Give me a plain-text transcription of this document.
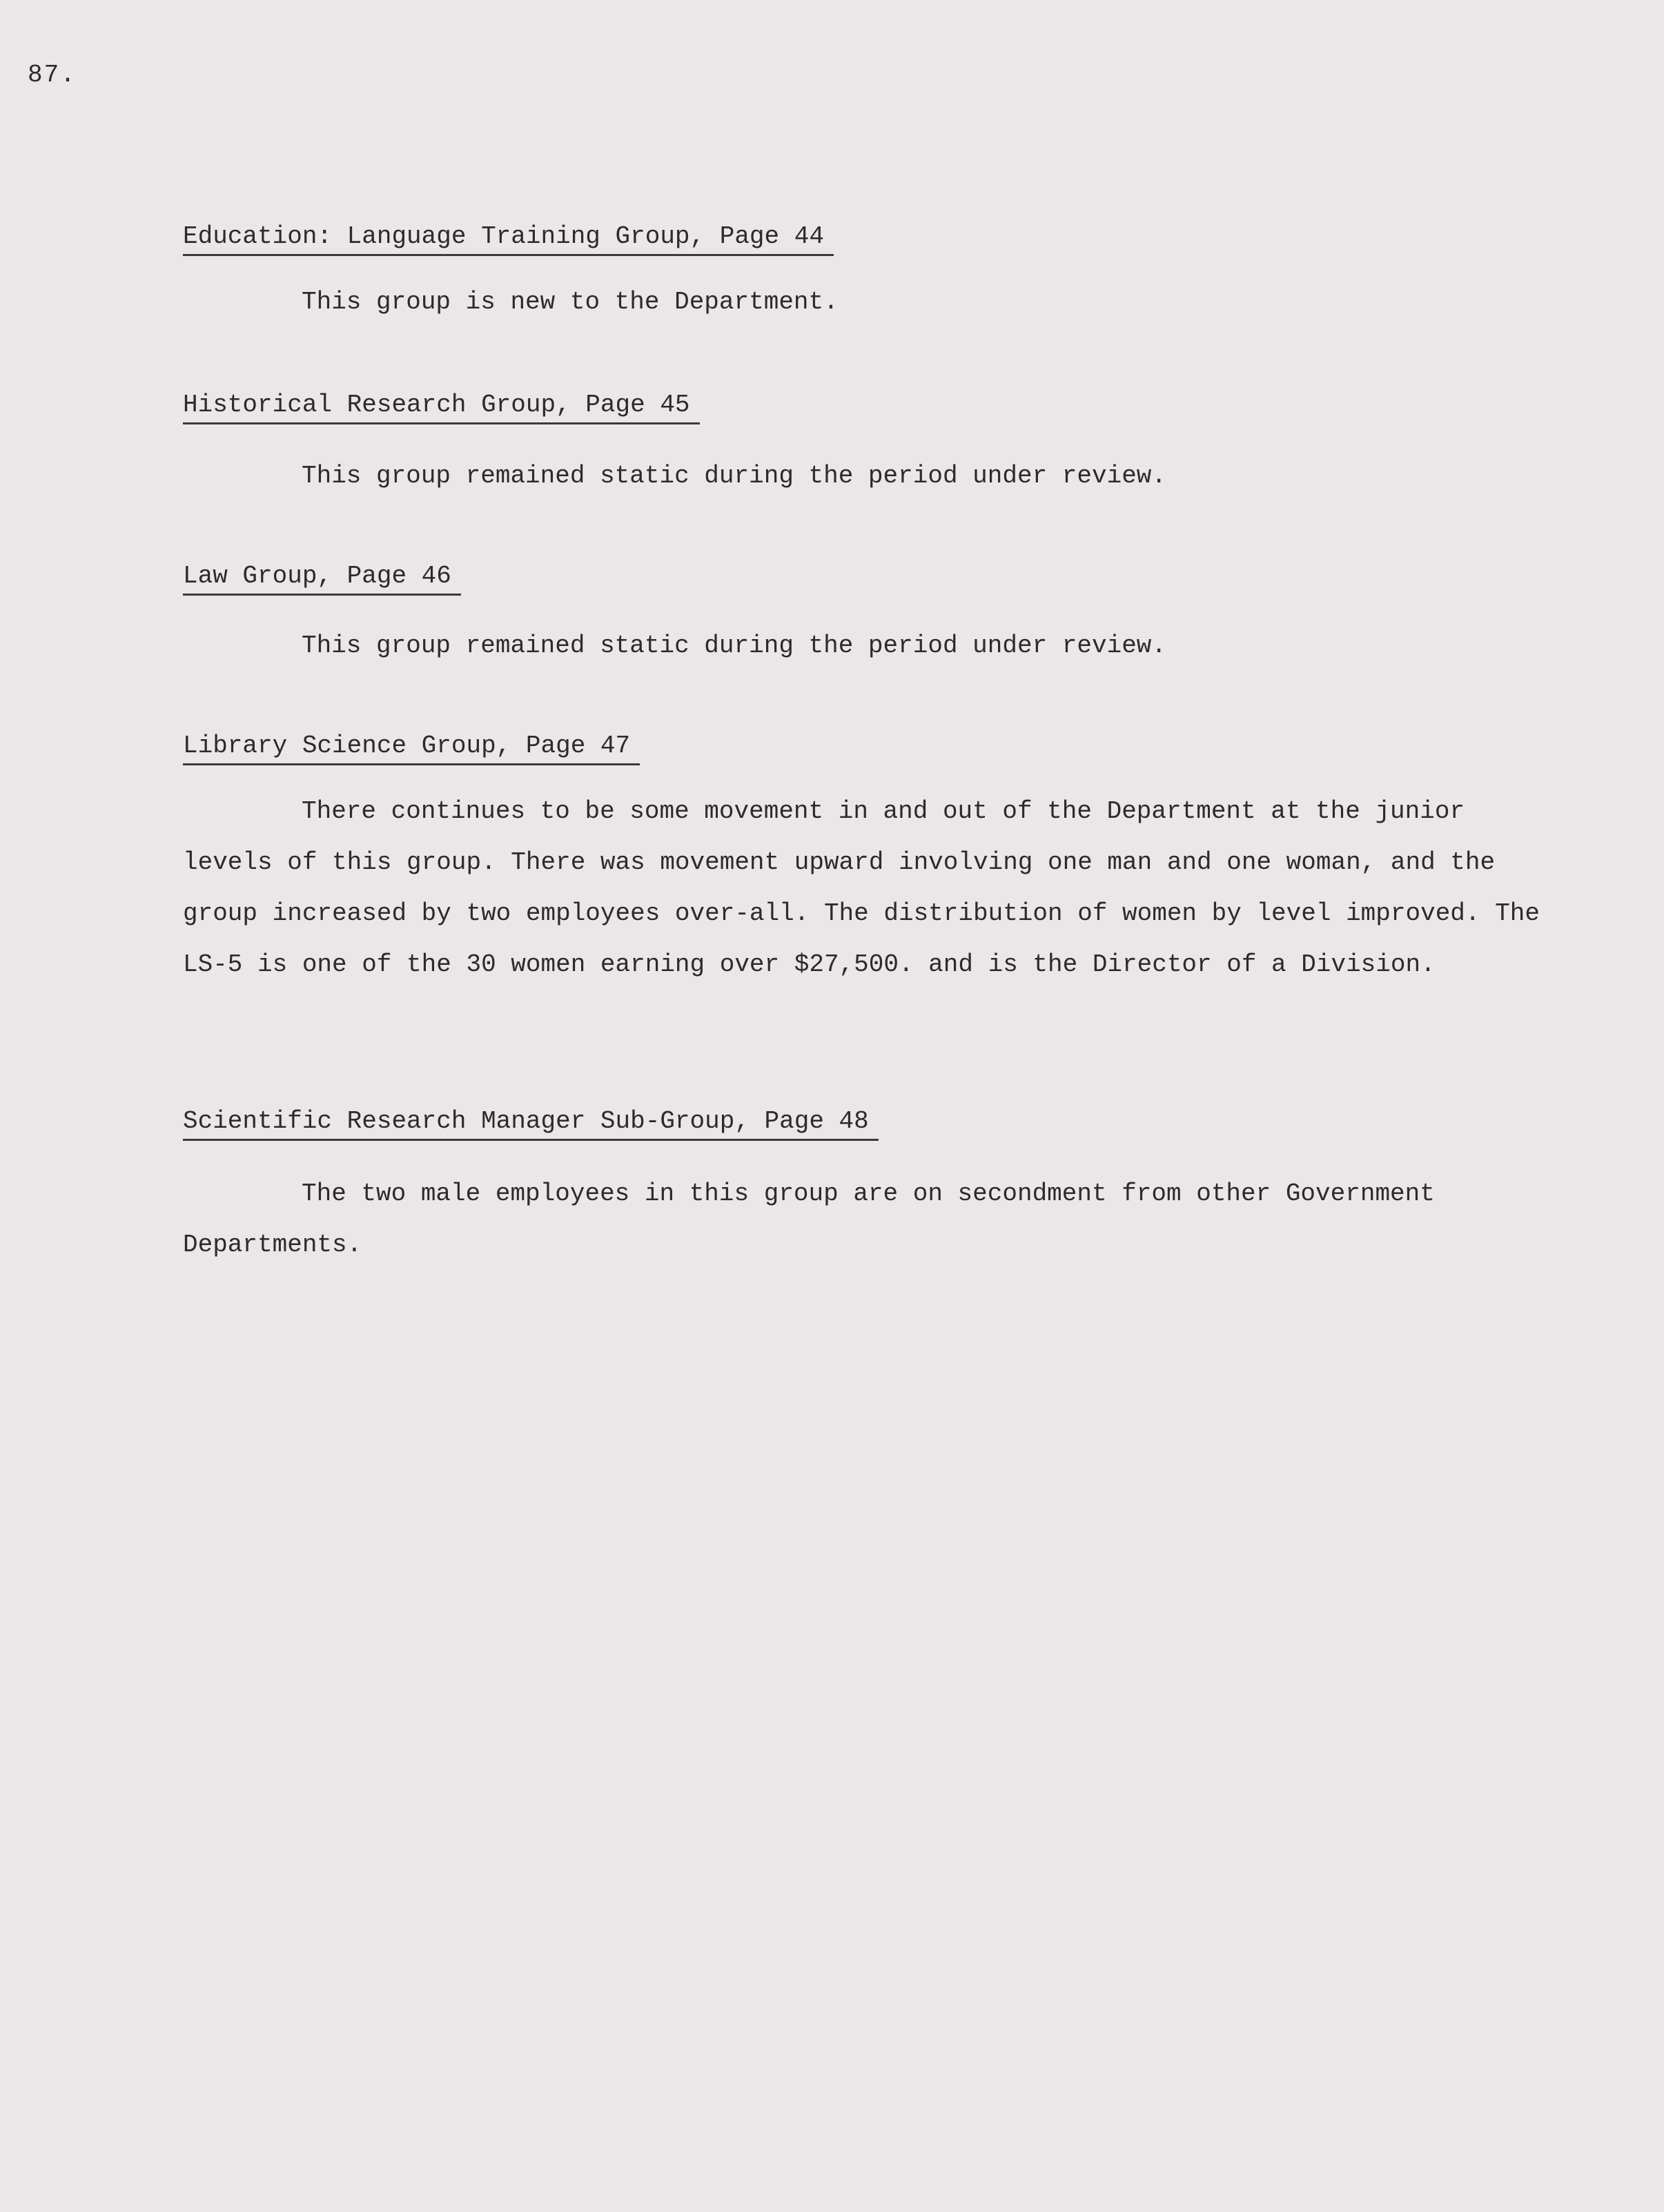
87.
Education: Language Training Group, Page 44

This group is new to the Department.

Historical Research Group, Page 45

This group remained static during the period under review.

Law Group, Page 46

This group remained static during the period under review.

Library Science Group, Page 47

There continues to be some movement in and out of the Department at the junior levels of this group. There was movement upward involving one man and one woman, and the group increased by two employees over-all. The distribution of women by level improved. The LS-5 is one of the 30 women earning over $27,500. and is the Director of a Division.

Scientific Research Manager Sub-Group, Page 48

The two male employees in this group are on secondment from other Government Departments.
